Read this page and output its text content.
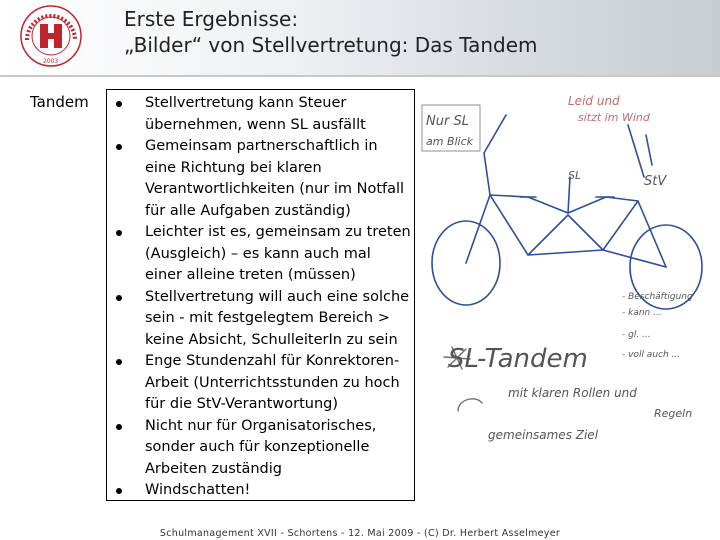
2003
Erste Ergebnisse:
„Bilder“ von Stellvertretung: Das Tandem
Tandem	Stellvertretung kann Steuer übernehmen, wenn SL ausfällt
Gemeinsam partnerschaftlich in eine Richtung bei klaren Verantwortlichkeiten (nur im Notfall für alle Aufgaben zuständig)
Leichter ist es, gemeinsam zu treten (Ausgleich) – es kann auch mal einer alleine treten (müssen)
Stellvertretung will auch eine solche sein - mit festgelegtem Bereich > keine Absicht, SchulleiterIn zu sein
Enge Stundenzahl für Konrektoren-Arbeit (Unterrichtsstunden zu hoch für die StV-Verantwortung)
Nicht nur für Organisatorisches, sonder auch für konzeptionelle Arbeiten zuständig
Windschatten!
Nur SL
am Blick
Leid und
sitzt im Wind
SL	StV
- Beschäftigung
- kann ...
- gl. ...
- voll auch ...
SL-Tandem
mit klaren Rollen und
Regeln
gemeinsames Ziel
Schulmanagement XVII - Schortens - 12. Mai 2009 - (C) Dr. Herbert Asselmeyer
